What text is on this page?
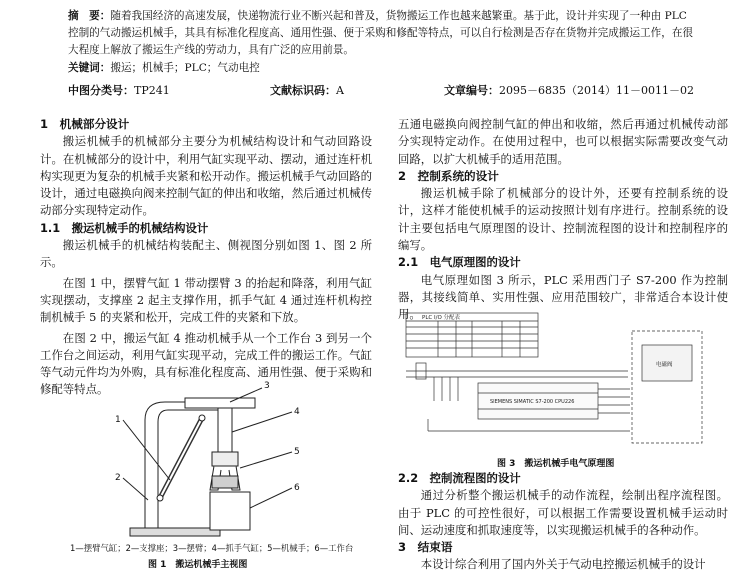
摘　要：随着我国经济的高速发展，快递物流行业不断兴起和普及，货物搬运工作也越来越繁重。基于此，设计并实现了一种由 PLC 控制的气动搬运机械手，其具有标准化程度高、通用性强、便于采购和修配等特点，可以自行检测是否存在货物并完成搬运工作，在很大程度上解放了搬运生产线的劳动力，具有广泛的应用前景。
关键词：搬运；机械手；PLC；气动电控
中图分类号：TP241	文献标识码：A	文章编号：2095－6835（2014）11－0011－02

1　机械部分设计

搬运机械手的机械部分主要分为机械结构设计和气动回路设计。在机械部分的设计中，利用气缸实现平动、摆动，通过连杆机构实现更为复杂的机械手夹紧和松开动作。搬运机械手气动回路的设计，通过电磁换向阀来控制气缸的伸出和收缩，然后通过机械传动部分实现特定动作。

1.1　搬运机械手的机械结构设计

搬运机械手的机械结构装配主、侧视图分别如图 1、图 2 所示。

在图 1 中，摆臂气缸 1 带动摆臂 3 的抬起和降落，利用气缸实现摆动，支撑座 2 起主支撑作用，抓手气缸 4 通过连杆机构控制机械手 5 的夹紧和松开，完成工件的夹紧和下放。

在图 2 中，搬运气缸 4 推动机械手从一个工作台 3 到另一个工作台之间运动，利用气缸实现平动，完成工件的搬运工作。气缸等气动元件均为外购，具有标准化程度高、通用性强、便于采购和修配等特点。

1
2
3
4
5
6
1—摆臂气缸；2—支撑座；3—摆臂；4—抓手气缸；5—机械手；6—工作台
图 1　搬运机械手主视图

五通电磁换向阀控制气缸的伸出和收缩，然后再通过机械传动部分实现特定动作。在使用过程中，也可以根据实际需要改变气动回路，以扩大机械手的适用范围。

2　控制系统的设计

搬运机械手除了机械部分的设计外，还要有控制系统的设计，这样才能使机械手的运动按照计划有序进行。控制系统的设计主要包括电气原理图的设计、控制流程图的设计和控制程序的编写。

2.1　电气原理图的设计

电气原理如图 3 所示，PLC 采用西门子 S7-200 作为控制器，其接线简单、实用性强、应用范围较广，非常适合本设计使用。 PLC I/O 分配表
SIEMENS SIMATIC S7-200 CPU226
电磁阀
图 3　搬运机械手电气原理图

2.2　控制流程图的设计

通过分析整个搬运机械手的动作流程，绘制出程序流程图。由于 PLC 的可控性很好，可以根据工作需要设置机械手运动时间、运动速度和抓取速度等，以实现搬运机械手的各种动作。

3　结束语

本设计综合利用了国内外关于气动电控搬运机械手的设计
